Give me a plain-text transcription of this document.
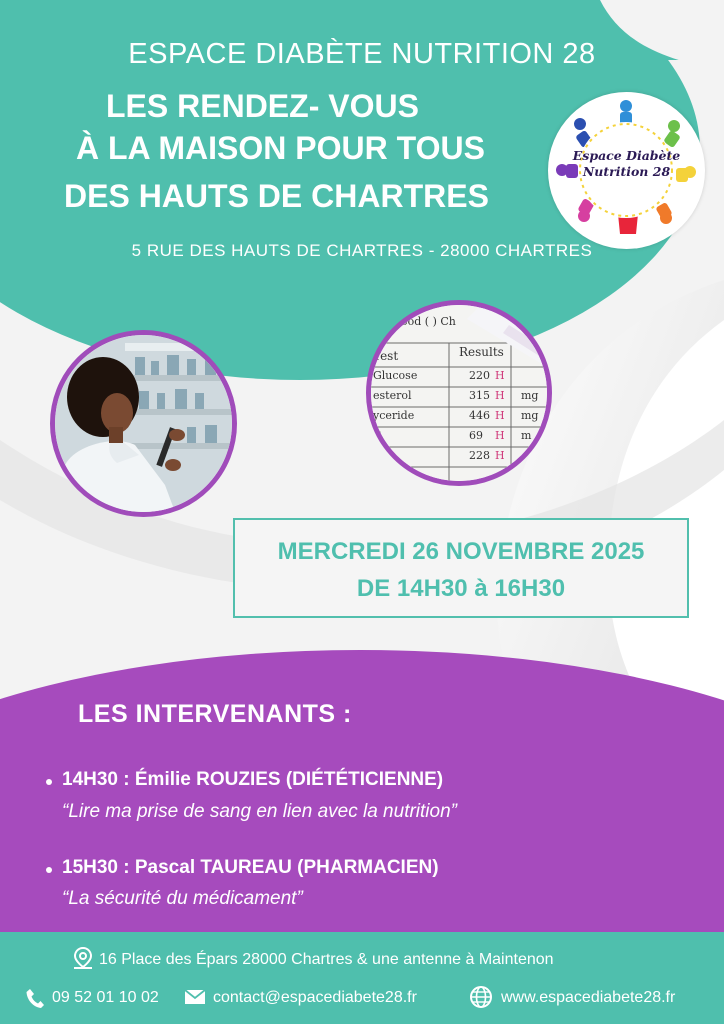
ESPACE DIABÈTE NUTRITION 28
LES RENDEZ- VOUS
À LA MAISON POUR TOUS
DES HAUTS DE CHARTRES
5 RUE DES HAUTS DE CHARTRES - 28000 CHARTRES
Espace Diabète
Nutrition 28
ood ( ) Ch
Test	Results
Glucose	220 H
esterol	315 H mg
yceride	446 H mg
C	69 H m
228 H
MERCREDI 26 NOVEMBRE 2025
DE 14H30 à 16H30
LES INTERVENANTS :
14H30 : Émilie ROUZIES (DIÉTÉTICIENNE)
“Lire ma prise de sang en lien avec la nutrition”
15H30 : Pascal TAUREAU (PHARMACIEN)
“La sécurité du médicament”
16 Place des Épars 28000 Chartres & une antenne à Maintenon
09 52 01 10 02	contact@espacediabete28.fr	www.espacediabete28.fr
